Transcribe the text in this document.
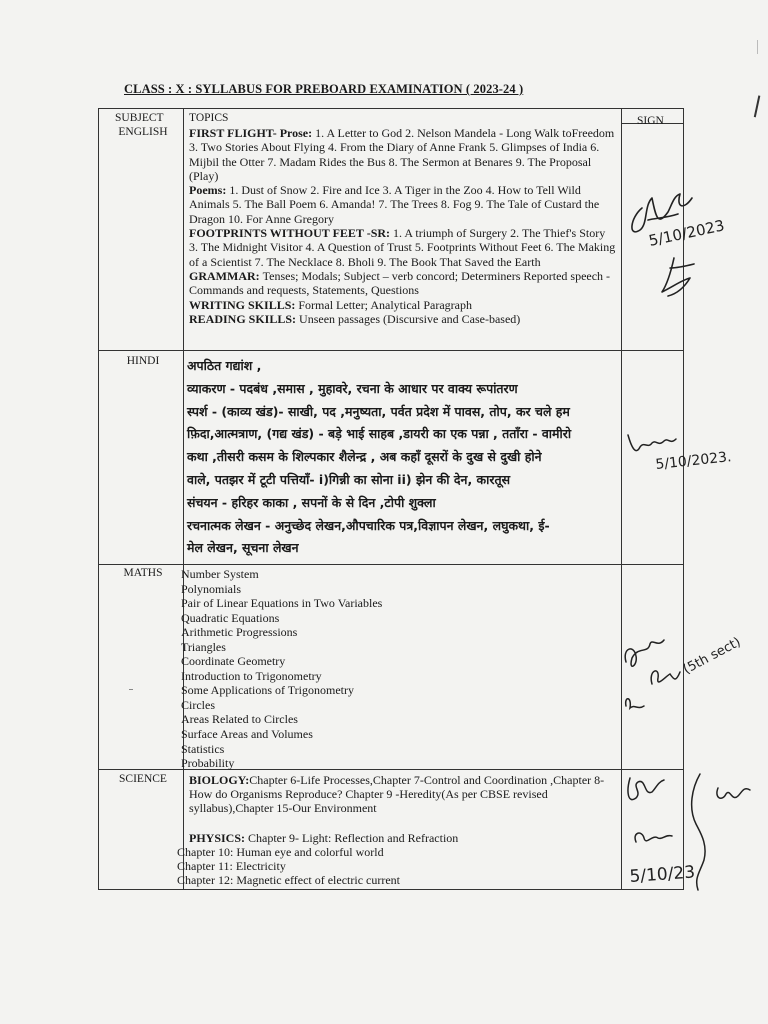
CLASS : X : SYLLABUS FOR PREBOARD EXAMINATION ( 2023-24 )
SUBJECT TOPICS	SIGN
ENGLISH	FIRST FLIGHT- Prose: 1. A Letter to God 2. Nelson Mandela - Long Walk toFreedom 3. Two Stories About Flying 4. From the Diary of Anne Frank 5. Glimpses of India 6. Mijbil the Otter 7. Madam Rides the Bus 8. The Sermon at Benares 9. The Proposal (Play)
Poems: 1. Dust of Snow 2. Fire and Ice 3. A Tiger in the Zoo 4. How to Tell Wild Animals 5. The Ball Poem 6. Amanda! 7. The Trees 8. Fog 9. The Tale of Custard the Dragon 10. For Anne Gregory
FOOTPRINTS WITHOUT FEET -SR: 1. A triumph of Surgery 2. The Thief's Story 3. The Midnight Visitor 4. A Question of Trust 5. Footprints Without Feet 6. The Making of a Scientist 7. The Necklace 8. Bholi 9. The Book That Saved the Earth
GRAMMAR: Tenses; Modals; Subject – verb concord; Determiners Reported speech - Commands and requests, Statements, Questions
WRITING SKILLS: Formal Letter; Analytical Paragraph
READING SKILLS: Unseen passages (Discursive and Case-based)
HINDI	अपठित गद्यांश ,
व्याकरण - पदबंध ,समास , मुहावरे, रचना के आधार पर वाक्य रूपांतरण
स्पर्श - (काव्य खंड)- साखी, पद ,मनुष्यता, पर्वत प्रदेश में पावस, तोप, कर चले हम
फ़िदा,आत्मत्राण, (गद्य खंड) - बड़े भाई साहब ,डायरी का एक पन्ना , तताँरा - वामीरो
कथा ,तीसरी कसम के शिल्पकार शैलेन्द्र , अब कहाँ दूसरों के दुख से दुखी होने
वाले, पतझर में टूटी पत्तियाँ- i)गिन्नी का सोना ii) झेन की देन, कारतूस
संचयन - हरिहर काका , सपनों के से दिन ,टोपी शुक्ला
रचनात्मक लेखन - अनुच्छेद लेखन,औपचारिक पत्र,विज्ञापन लेखन, लघुकथा, ई-
मेल लेखन, सूचना लेखन
MATHS	Number System
Polynomials
Pair of Linear Equations in Two Variables
Quadratic Equations
Arithmetic Progressions
Triangles
Coordinate Geometry
Introduction to Trigonometry
Some Applications of Trigonometry
Circles
Areas Related to Circles
Surface Areas and Volumes
Statistics
Probability
SCIENCE	BIOLOGY:Chapter 6-Life Processes,Chapter 7-Control and Coordination ,Chapter 8- How do Organisms Reproduce? Chapter 9 -Heredity(As per CBSE revised syllabus),Chapter 15-Our Environment
PHYSICS: Chapter 9- Light: Reflection and Refraction
Chapter 10: Human eye and colorful world
Chapter 11: Electricity
Chapter 12: Magnetic effect of electric current
5/10/2023
5/10/2023.
(5th sect)
5/10/23
